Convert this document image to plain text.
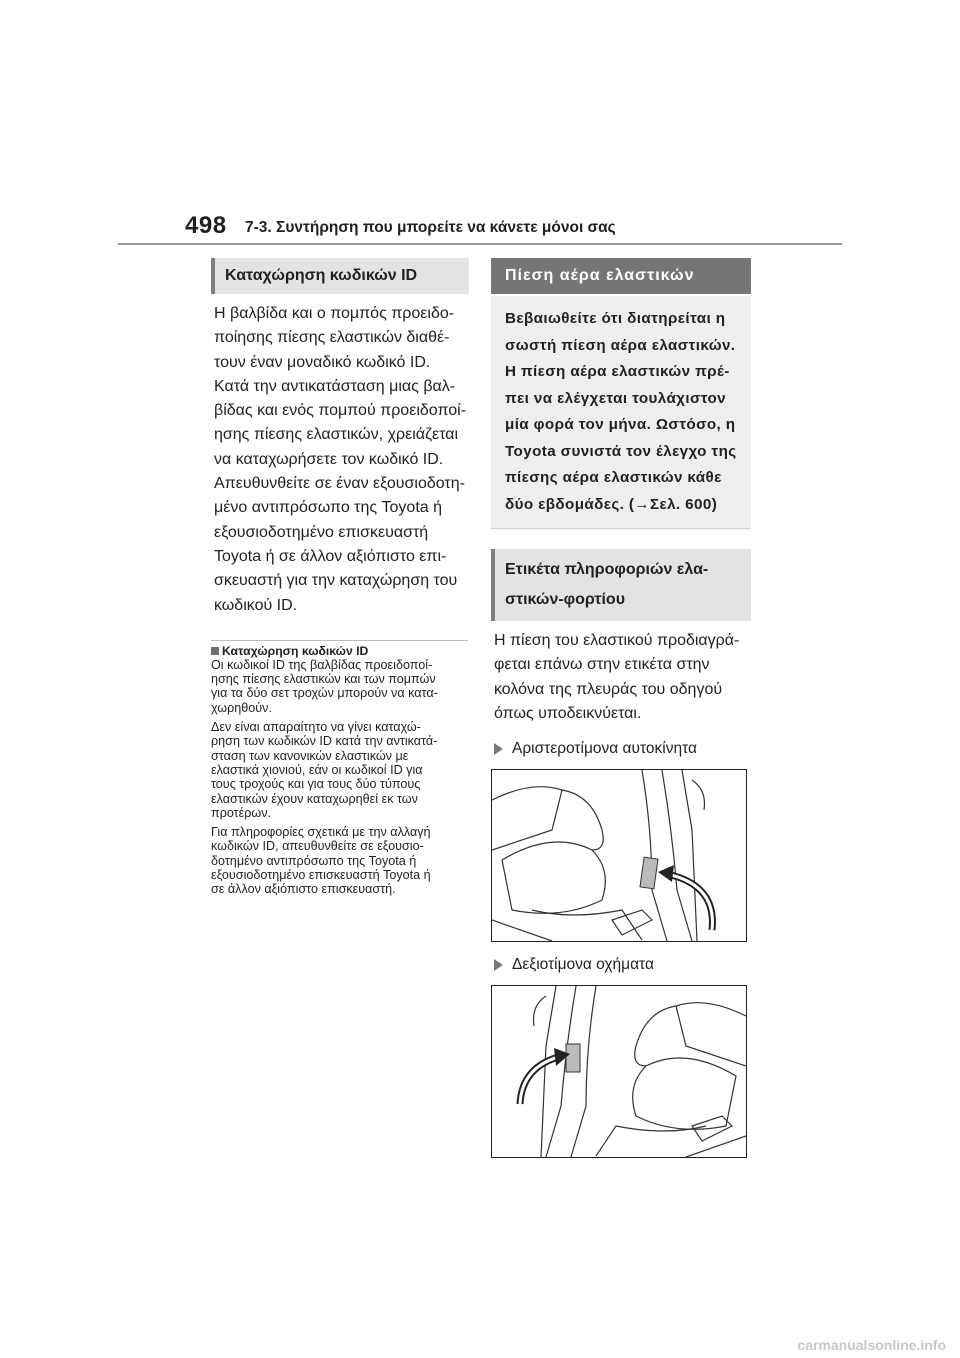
498 7-3. Συντήρηση που μπορείτε να κάνετε μόνοι σας
Καταχώρηση κωδικών ID

Η βαλβίδα και ο πομπός προειδο-

ποίησης πίεσης ελαστικών διαθέ-

τουν έναν μοναδικό κωδικό ID.

Κατά την αντικατάσταση μιας βαλ-

βίδας και ενός πομπού προειδοποί-

ησης πίεσης ελαστικών, χρειάζεται

να καταχωρήσετε τον κωδικό ID.

Απευθυνθείτε σε έναν εξουσιοδοτη-

μένο αντιπρόσωπο της Toyota ή

εξουσιοδοτημένο επισκευαστή

Toyota ή σε άλλον αξιόπιστο επι-

σκευαστή για την καταχώρηση του

κωδικού ID.

Καταχώρηση κωδικών ID

Οι κωδικοί ID της βαλβίδας προειδοποί-
ησης πίεσης ελαστικών και των πομπών
για τα δύο σετ τροχών μπορούν να κατα-
χωρηθούν.

Δεν είναι απαραίτητο να γίνει καταχώ-
ρηση των κωδικών ID κατά την αντικατά-
σταση των κανονικών ελαστικών με
ελαστικά χιονιού, εάν οι κωδικοί ID για
τους τροχούς και για τους δύο τύπους
ελαστικών έχουν καταχωρηθεί εκ των
προτέρων.

Για πληροφορίες σχετικά με την αλλαγή
κωδικών ID, απευθυνθείτε σε εξουσιο-
δοτημένο αντιπρόσωπο της Toyota ή
εξουσιοδοτημένο επισκευαστή Toyota ή
σε άλλον αξιόπιστο επισκευαστή.

Πίεση αέρα ελαστικών
Βεβαιωθείτε ότι διατηρείται η
σωστή πίεση αέρα ελαστικών.
Η πίεση αέρα ελαστικών πρέ-
πει να ελέγχεται τουλάχιστον
μία φορά τον μήνα. Ωστόσο, η
Toyota συνιστά τον έλεγχο της
πίεσης αέρα ελαστικών κάθε
δύο εβδομάδες. (→Σελ. 600)
Ετικέτα πληροφοριών ελα-
στικών-φορτίου

Η πίεση του ελαστικού προδιαγρά-

φεται επάνω στην ετικέτα στην

κολόνα της πλευράς του οδηγού

όπως υποδεικνύεται.

Αριστεροτίμονα αυτοκίνητα
Δεξιοτίμονα οχήματα
carmanualsonline.info
